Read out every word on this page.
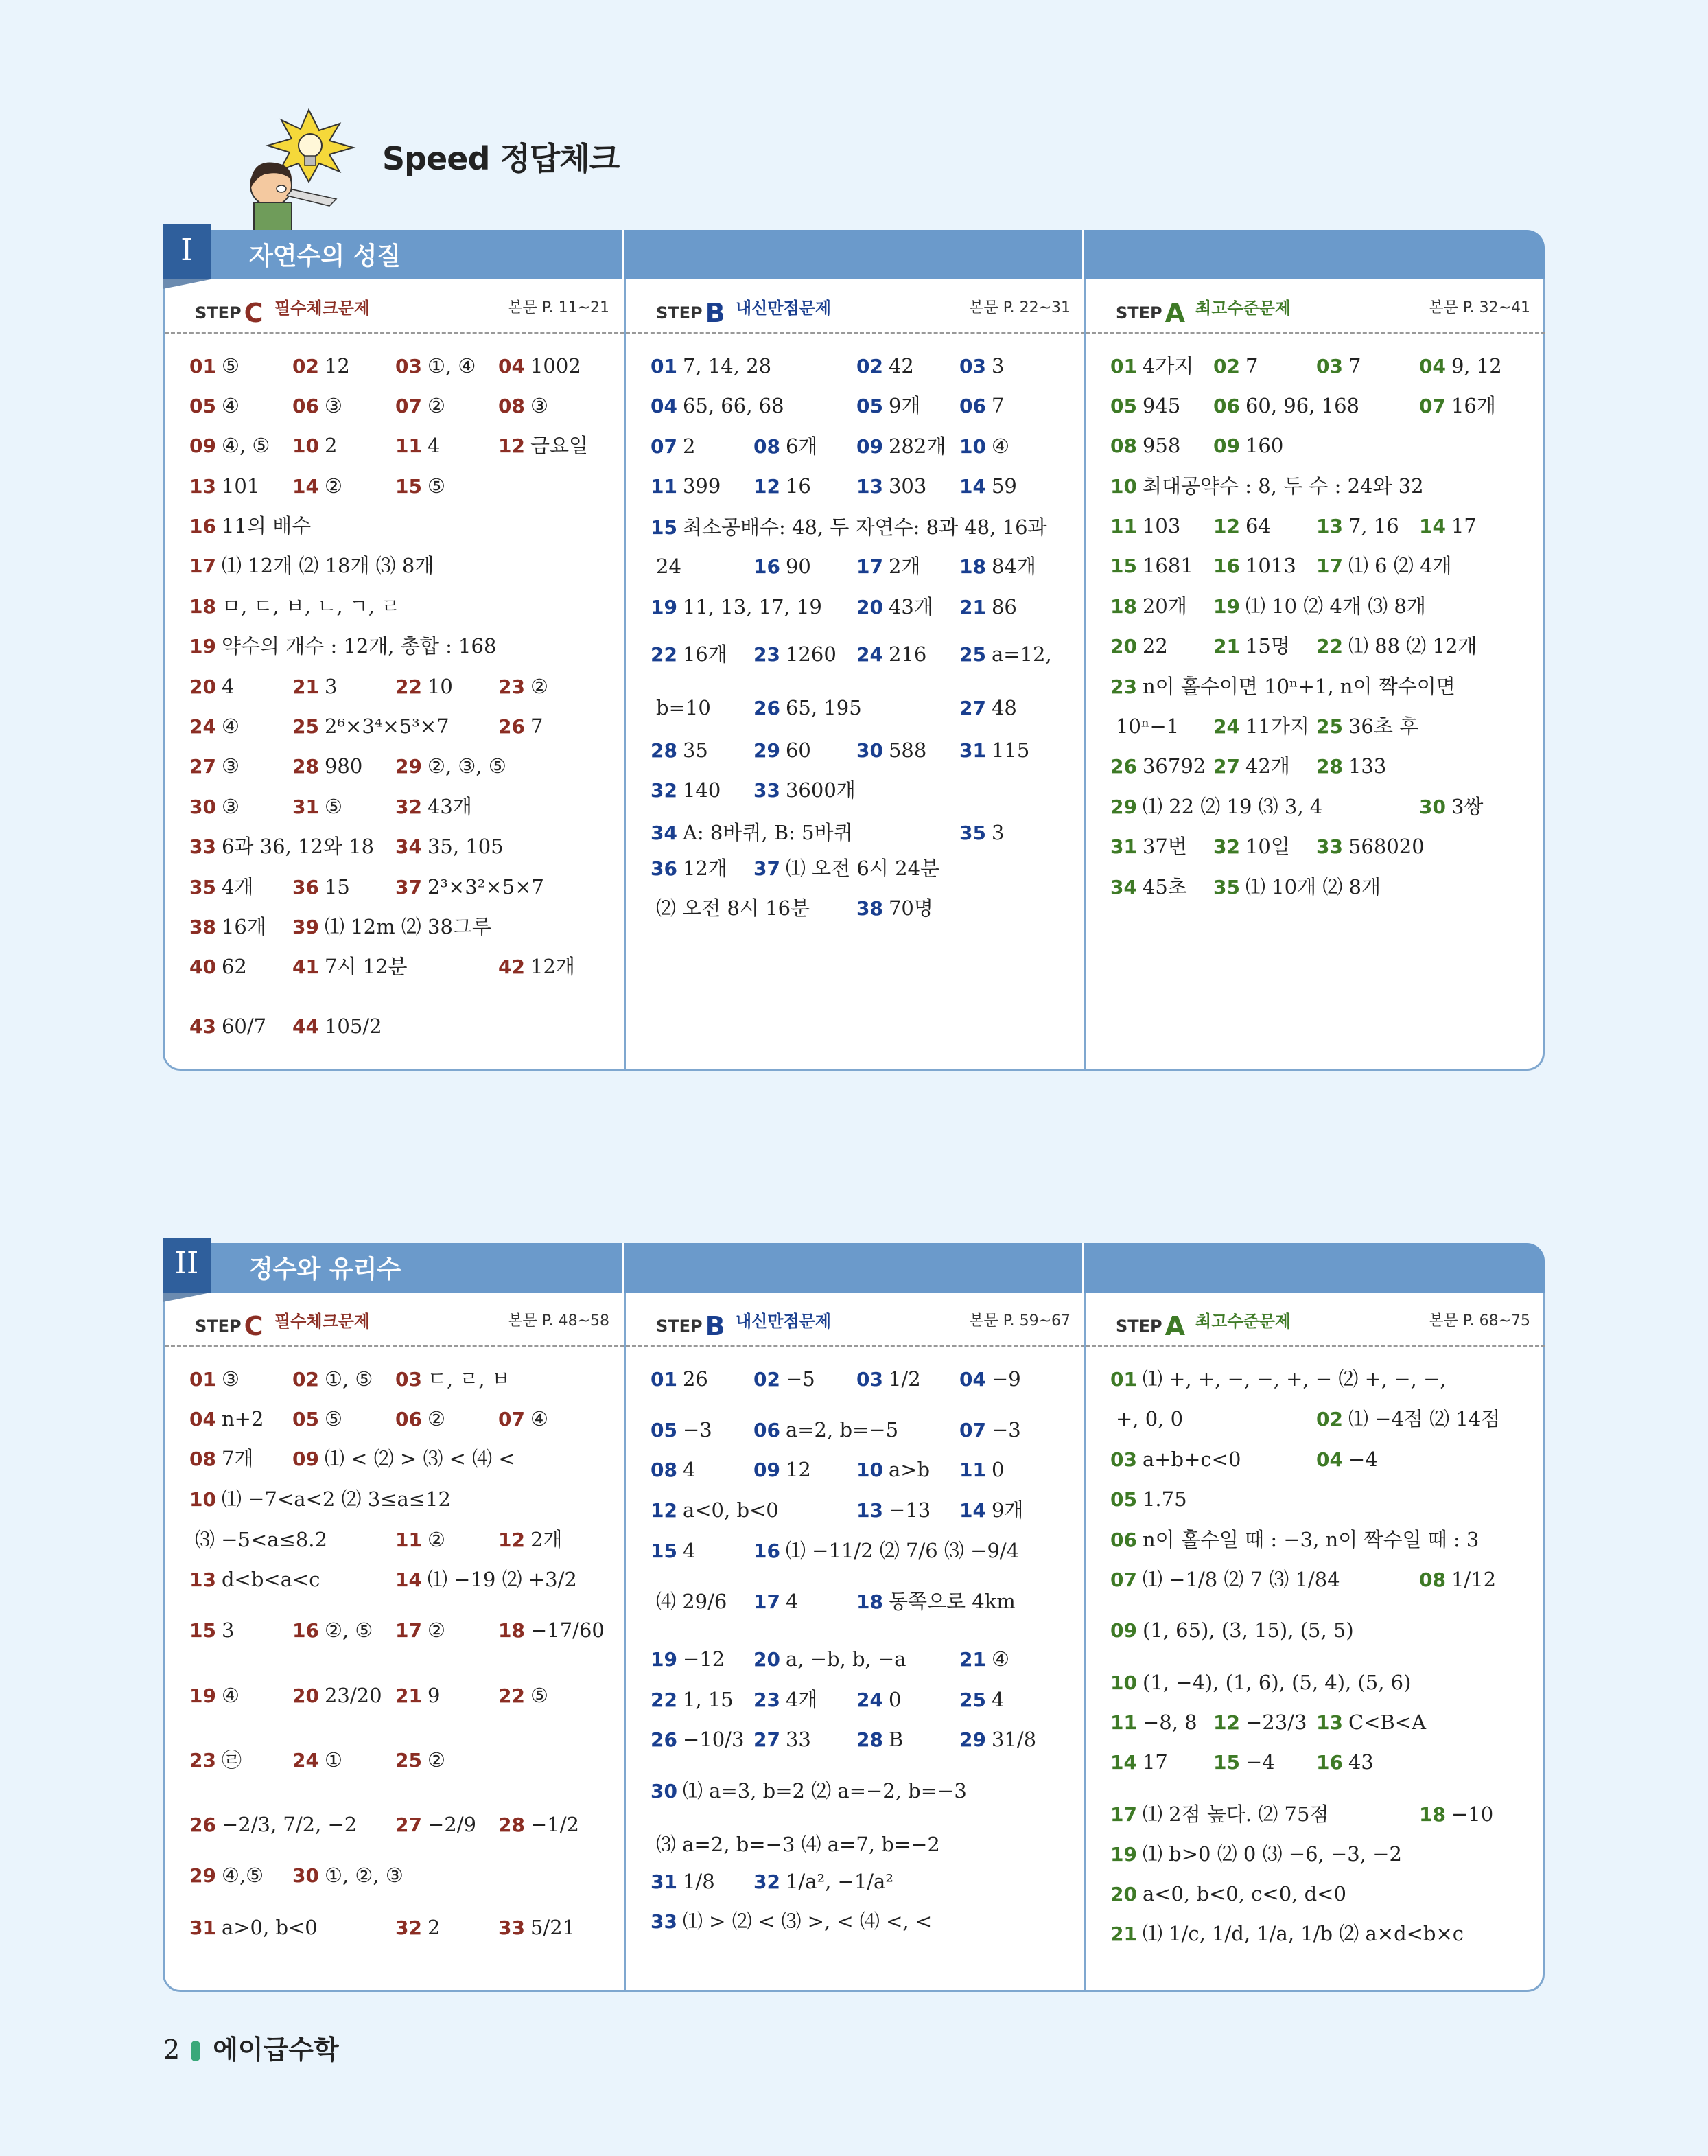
Speed 정답체크
I	자연수의 성질
STEP C 필수체크문제	본문 P. 11~21
01 ⑤	02 12 03 ①, ④ 04 1002
05 ④	06 ③	07 ②	08 ③
09 ④, ⑤ 10 2	11 4	12 금요일
13 101 14 ②	15 ⑤
16 11의 배수
17 ⑴ 12개 ⑵ 18개 ⑶ 8개
18 ㅁ, ㄷ, ㅂ, ㄴ, ㄱ, ㄹ
19 약수의 개수 : 12개, 총합 : 168
20 4	21 3	22 10 23 ②
24 ④	25 2⁶×3⁴×5³×7	26 7
27 ③	28 980 29 ②, ③, ⑤
30 ③	31 ⑤	32 43개
33 6과 36, 12와 18 34 35, 105
35 4개 36 15 37 2³×3²×5×7
38 16개 39 ⑴ 12m ⑵ 38그루
40 62 41 7시 12분	42 12개
43 60/7 44 105/2
STEP B 내신만점문제	본문 P. 22~31
01 7, 14, 28	02 42 03 3
04 65, 66, 68	05 9개 06 7
07 2	08 6개 09 282개 10 ④
11 399 12 16 13 303 14 59
15 최소공배수: 48, 두 자연수: 8과 48, 16과
24	16 90 17 2개 18 84개
19 11, 13, 17, 19 20 43개 21 86
22 16개 23 1260 24 216 25 a=12,
b=10 26 65, 195	27 48
28 35 29 60 30 588 31 115
32 140 33 3600개
34 A: 8바퀴, B: 5바퀴	35 3
36 12개 37 ⑴ 오전 6시 24분
⑵ 오전 8시 16분 38 70명
STEP A 최고수준문제	본문 P. 32~41
01 4가지 02 7	03 7	04 9, 12
05 945 06 60, 96, 168	07 16개
08 958 09 160
10 최대공약수 : 8, 두 수 : 24와 32
11 103 12 64 13 7, 16 14 17
15 1681 16 1013 17 ⑴ 6 ⑵ 4개
18 20개 19 ⑴ 10 ⑵ 4개 ⑶ 8개
20 22 21 15명 22 ⑴ 88 ⑵ 12개
23 n이 홀수이면 10ⁿ+1, n이 짝수이면
10ⁿ−1 24 11가지 25 36초 후
26 36792 27 42개 28 133
29 ⑴ 22 ⑵ 19 ⑶ 3, 4	30 3쌍
31 37번 32 10일 33 568020
34 45초 35 ⑴ 10개 ⑵ 8개
II	정수와 유리수
STEP C 필수체크문제	본문 P. 48~58
01 ③	02 ①, ⑤ 03 ㄷ, ㄹ, ㅂ
04 n+2 05 ⑤	06 ②	07 ④
08 7개 09 ⑴ < ⑵ > ⑶ < ⑷ <
10 ⑴ −7<a<2 ⑵ 3≤a≤12
⑶ −5<a≤8.2	11 ②	12 2개
13 d<b<a<c	14 ⑴ −19 ⑵ +3/2
15 3	16 ②, ⑤ 17 ②	18 −17/60
19 ④	20 23/20 21 9	22 ⑤
23 ㉣	24 ①	25 ②
26 −2/3, 7/2, −2 27 −2/9 28 −1/2
29 ④,⑤ 30 ①, ②, ③
31 a>0, b<0	32 2	33 5/21
STEP B 내신만점문제	본문 P. 59~67
01 26 02 −5 03 1/2 04 −9
05 −3 06 a=2, b=−5	07 −3
08 4	09 12 10 a>b 11 0
12 a<0, b<0	13 −13 14 9개
15 4	16 ⑴ −11/2 ⑵ 7/6 ⑶ −9/4
⑷ 29/6 17 4	18 동쪽으로 4km
19 −12 20 a, −b, b, −a	21 ④
22 1, 15 23 4개 24 0	25 4
26 −10/3 27 33 28 B	29 31/8
30 ⑴ a=3, b=2 ⑵ a=−2, b=−3
⑶ a=2, b=−3 ⑷ a=7, b=−2
31 1/8 32 1/a², −1/a²
33 ⑴ > ⑵ < ⑶ >, < ⑷ <, <
STEP A 최고수준문제	본문 P. 68~75
01 ⑴ +, +, −, −, +, − ⑵ +, −, −,
+, 0, 0	02 ⑴ −4점 ⑵ 14점
03 a+b+c<0	04 −4
05 1.75
06 n이 홀수일 때 : −3, n이 짝수일 때 : 3
07 ⑴ −1/8 ⑵ 7 ⑶ 1/84	08 1/12
09 (1, 65), (3, 15), (5, 5)
10 (1, −4), (1, 6), (5, 4), (5, 6)
11 −8, 8 12 −23/3 13 C<B<A
14 17 15 −4 16 43
17 ⑴ 2점 높다. ⑵ 75점	18 −10
19 ⑴ b>0 ⑵ 0 ⑶ −6, −3, −2
20 a<0, b<0, c<0, d<0
21 ⑴ 1/c, 1/d, 1/a, 1/b ⑵ a×d<b×c
2 에이급수학
